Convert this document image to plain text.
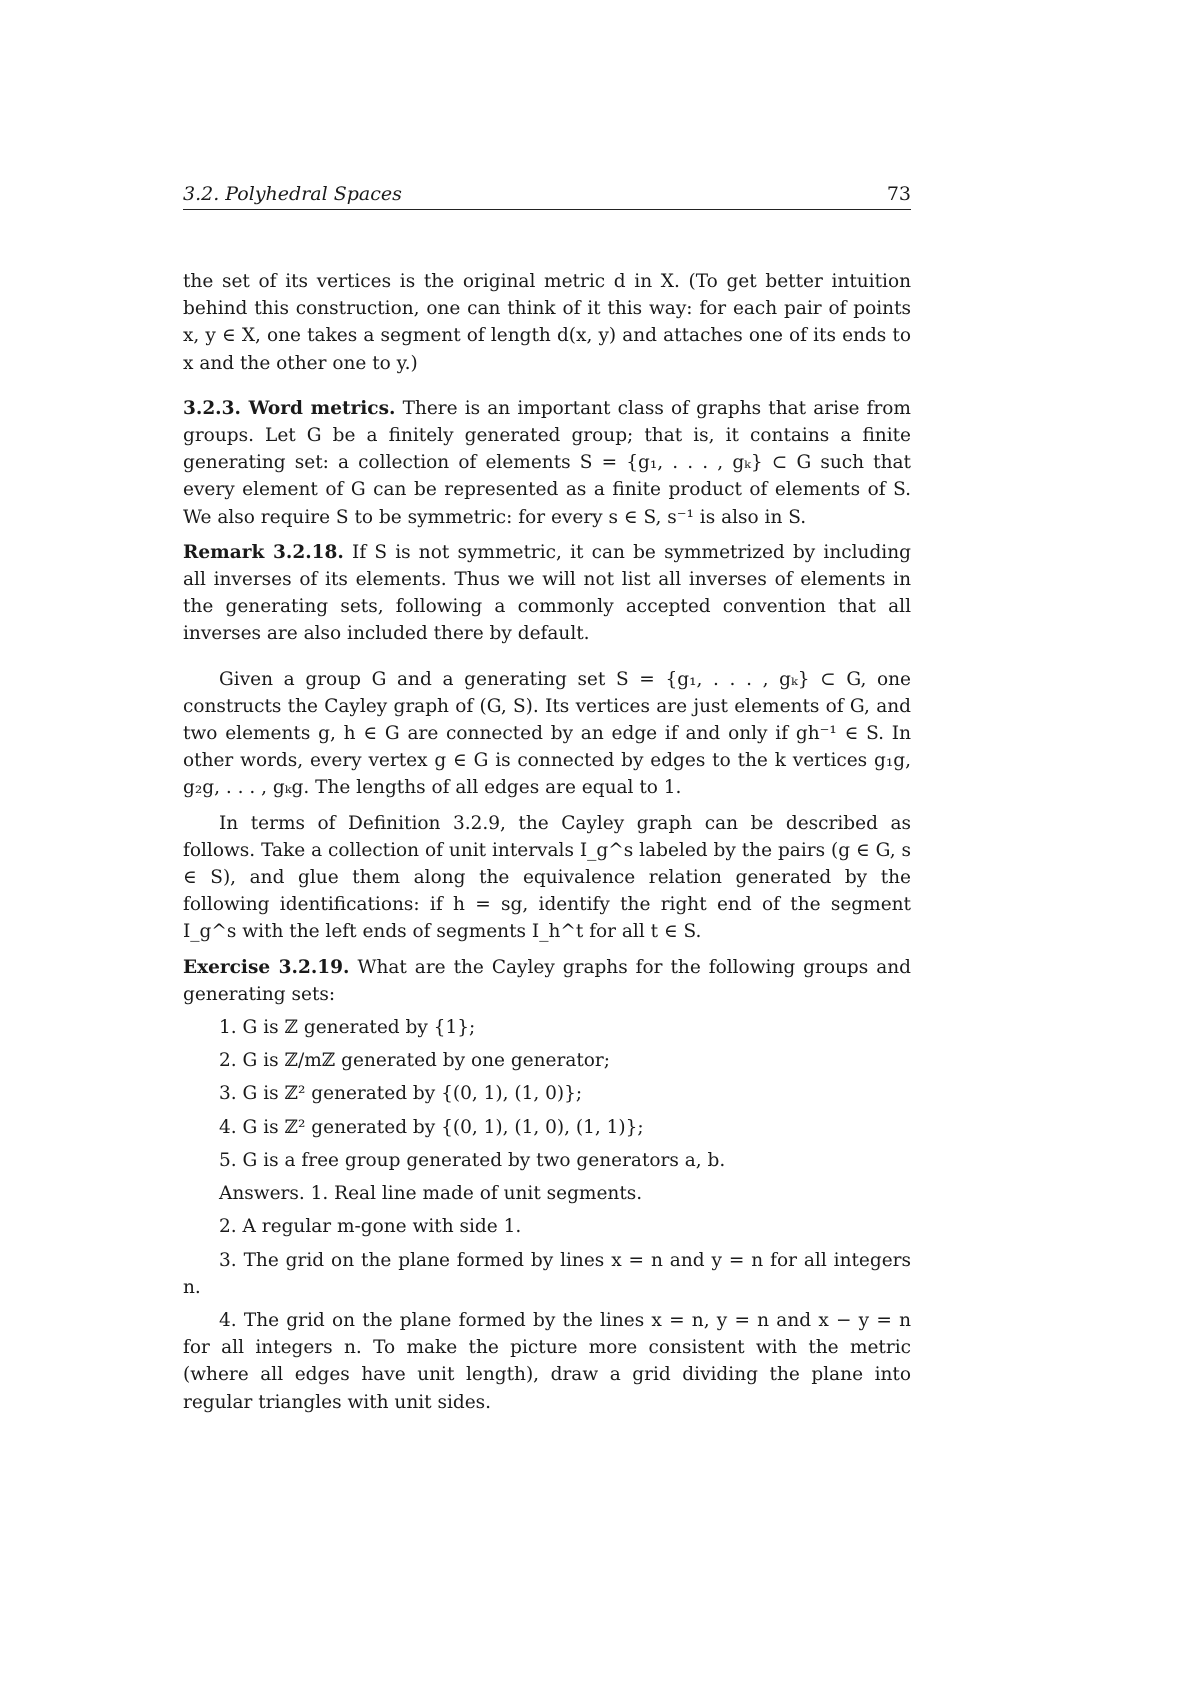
3.2. Polyhedral Spaces	73

the set of its vertices is the original metric d in X. (To get better intuition behind this construction, one can think of it this way: for each pair of points x, y ∈ X, one takes a segment of length d(x, y) and attaches one of its ends to x and the other one to y.)

3.2.3. Word metrics. There is an important class of graphs that arise from groups. Let G be a finitely generated group; that is, it contains a finite generating set: a collection of elements S = {g₁, . . . , gₖ} ⊂ G such that every element of G can be represented as a finite product of elements of S. We also require S to be symmetric: for every s ∈ S, s⁻¹ is also in S.

Remark 3.2.18. If S is not symmetric, it can be symmetrized by including all inverses of its elements. Thus we will not list all inverses of elements in the generating sets, following a commonly accepted convention that all inverses are also included there by default.

Given a group G and a generating set S = {g₁, . . . , gₖ} ⊂ G, one constructs the Cayley graph of (G, S). Its vertices are just elements of G, and two elements g, h ∈ G are connected by an edge if and only if gh⁻¹ ∈ S. In other words, every vertex g ∈ G is connected by edges to the k vertices g₁g, g₂g, . . . , gₖg. The lengths of all edges are equal to 1.

In terms of Definition 3.2.9, the Cayley graph can be described as follows. Take a collection of unit intervals I_g^s labeled by the pairs (g ∈ G, s ∈ S), and glue them along the equivalence relation generated by the following identifications: if h = sg, identify the right end of the segment I_g^s with the left ends of segments I_h^t for all t ∈ S.

Exercise 3.2.19. What are the Cayley graphs for the following groups and generating sets:

1. G is ℤ generated by {1};

2. G is ℤ/mℤ generated by one generator;

3. G is ℤ² generated by {(0, 1), (1, 0)};

4. G is ℤ² generated by {(0, 1), (1, 0), (1, 1)};

5. G is a free group generated by two generators a, b.

Answers. 1. Real line made of unit segments.

2. A regular m-gone with side 1.

3. The grid on the plane formed by lines x = n and y = n for all integers n.

4. The grid on the plane formed by the lines x = n, y = n and x − y = n for all integers n. To make the picture more consistent with the metric (where all edges have unit length), draw a grid dividing the plane into regular triangles with unit sides.
